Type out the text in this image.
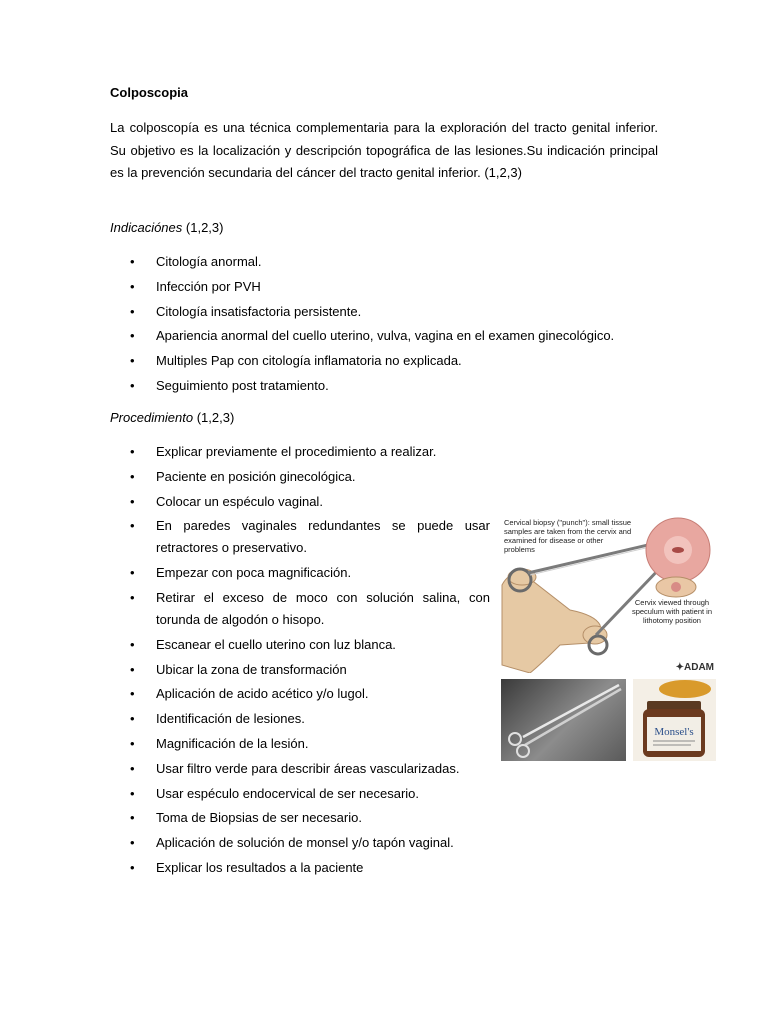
Colposcopia
La colposcopía es una técnica complementaria para la exploración del tracto genital inferior. Su objetivo es la localización y descripción topográfica de las lesiones.Su indicación principal es la prevención secundaria del cáncer del tracto genital inferior. (1,2,3)
Indicaciónes (1,2,3)
• Citología anormal.
• Infección por PVH
• Citología insatisfactoria persistente.
• Apariencia anormal del cuello uterino, vulva, vagina en el examen ginecológico.
• Multiples Pap con citología inflamatoria no explicada.
• Seguimiento post tratamiento.
Procedimiento (1,2,3)
• Explicar previamente el procedimiento a realizar.
• Paciente en posición ginecológica.
• Colocar un espéculo vaginal.
• En paredes vaginales redundantes se puede usar retractores o preservativo.
• Empezar con poca magnificación.
• Retirar el exceso de moco con solución salina, con torunda de algodón o hisopo.
• Escanear el cuello uterino con luz blanca.
• Ubicar la zona de transformación
• Aplicación de acido acético y/o lugol.
• Identificación de lesiones.
• Magnificación de la lesión.
• Usar filtro verde para describir áreas vascularizadas.
• Usar espéculo endocervical de ser necesario.
• Toma de Biopsias de ser necesario.
• Aplicación de solución de monsel y/o tapón vaginal.
• Explicar los resultados a la paciente
Cervical biopsy ("punch"): small tissue samples are taken from the cervix and examined for disease or other problems
Cervix viewed through speculum with patient in lithotomy position
✦ADAM
Monsel's
